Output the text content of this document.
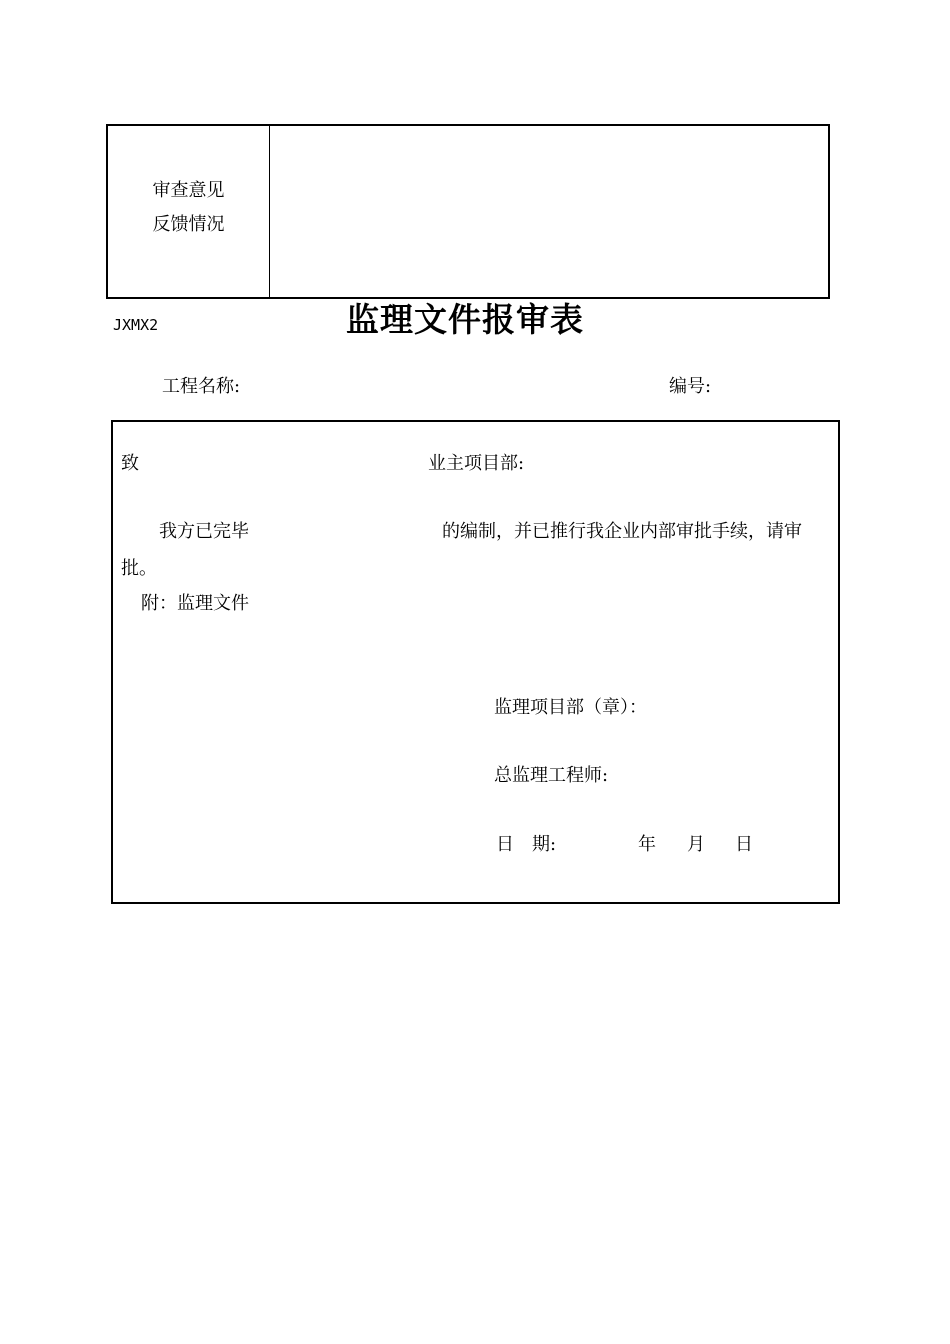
审查意见
反馈情况
JXMX2	监理文件报审表
工程名称:	编号:
致	业主项目部:
我方已完毕	的编制，并已推行我企业内部审批手续，请审
批。
附：监理文件
监理项目部（章）：
总监理工程师:
日　期:	年 月 日
